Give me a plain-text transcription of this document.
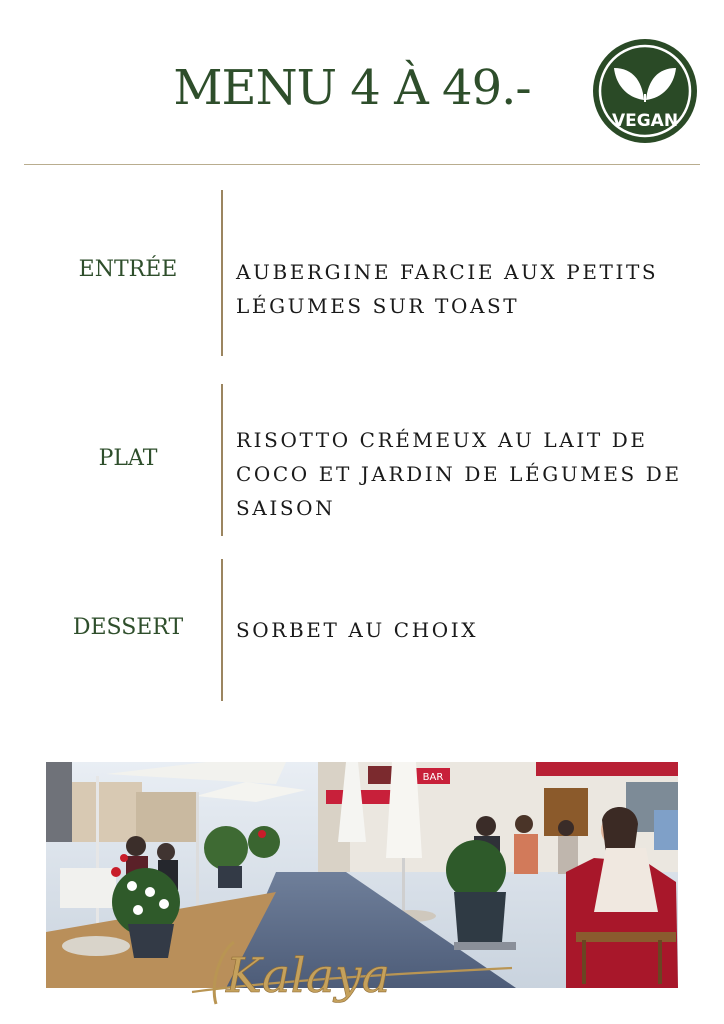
MENU 4 À 49.-
VEGAN
ENTRÉE	AUBERGINE FARCIE AUX PETITS LÉGUMES SUR TOAST
PLAT
RISOTTO CRÉMEUX AU LAIT DE COCO ET JARDIN DE LÉGUMES DE SAISON
DESSERT	SORBET AU CHOIX
BAR
Kalaya
